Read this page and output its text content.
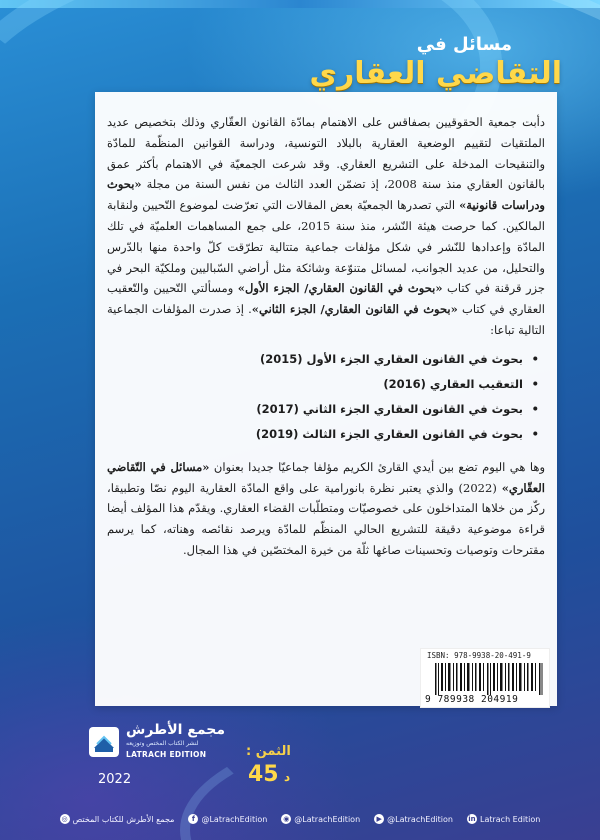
مسائل في
التقاضي العقاري

دأبت جمعية الحقوقيين بصفاقس على الاهتمام بمادّة القانون العقّاري وذلك بتخصيص عديد الملتقيات لتقييم الوضعية العقارية بالبلاد التونسية، ودراسة القوانين المنظّمة للمادّة والتنقيحات المدخلة على التشريع العقاري. وقد شرعت الجمعيّة في الاهتمام بأكثر عمق بالقانون العقاري منذ سنة 2008، إذ تضمّن العدد الثالث من نفس السنة من مجلة «بحوث ودراسات قانونية» التي تصدرها الجمعيّة بعض المقالات التي تعرّضت لموضوع التّحيين ولنقابة المالكين. كما حرصت هيئة النّشر، منذ سنة 2015، على جمع المساهمات العلميّة في تلك المادّة وإعدادها للنّشر في شكل مؤلفات جماعية متتالية تطرّقت كلّ واحدة منها بالدّرس والتحليل، من عديد الجوانب، لمسائل متنوّعة وشائكة مثل أراضي السّباليين وملكيّة البحر في جزر قرقنة في كتاب «بحوث في القانون العقاري/ الجزء الأول» ومسألتي التّحيين والتّعقيب العقاري في كتاب «بحوث في القانون العقاري/ الجزء الثاني». إذ صدرت المؤلفات الجماعية التالية تباعا:

• بحوث في القانون العقاري الجزء الأول (2015)
• التعقيب العقاري (2016)
• بحوث في القانون العقاري الجزء الثاني (2017)
• بحوث في القانون العقاري الجزء الثالث (2019)

وها هي اليوم تضع بين أيدي القارئ الكريم مؤلفا جماعيّا جديدا بعنوان «مسائل في التّقاضي العقّاري» (2022) والذي يعتبر نظرة بانورامية على واقع المادّة العقارية اليوم نصّا وتطبيقا، ركّز من خلاها المتداخلون على خصوصيّات ومتطلّبات القضاء العقاري. ويقدّم هذا المؤلف أيضا قراءة موضوعية دقيقة للتشريع الحالي المنظّم للمادّة ويرصد نقائصه وهناته، كما يرسم مقترحات وتوصيات وتحسينات صاغها ثلّة من خيرة المختصّين في هذا المجال.

ISBN: 978-9938-20-491-9
9 789938 204919
مجمع الأطرش
لنشر الكتاب المختص وتوزيعه
LATRACH EDITION
2022
الثمن :
45 د
◎ مجمع الأطرش للكتاب المختص	f @LatrachEdition ◉ @LatrachEdition	▶ @LatrachEdition in Latrach Edition
